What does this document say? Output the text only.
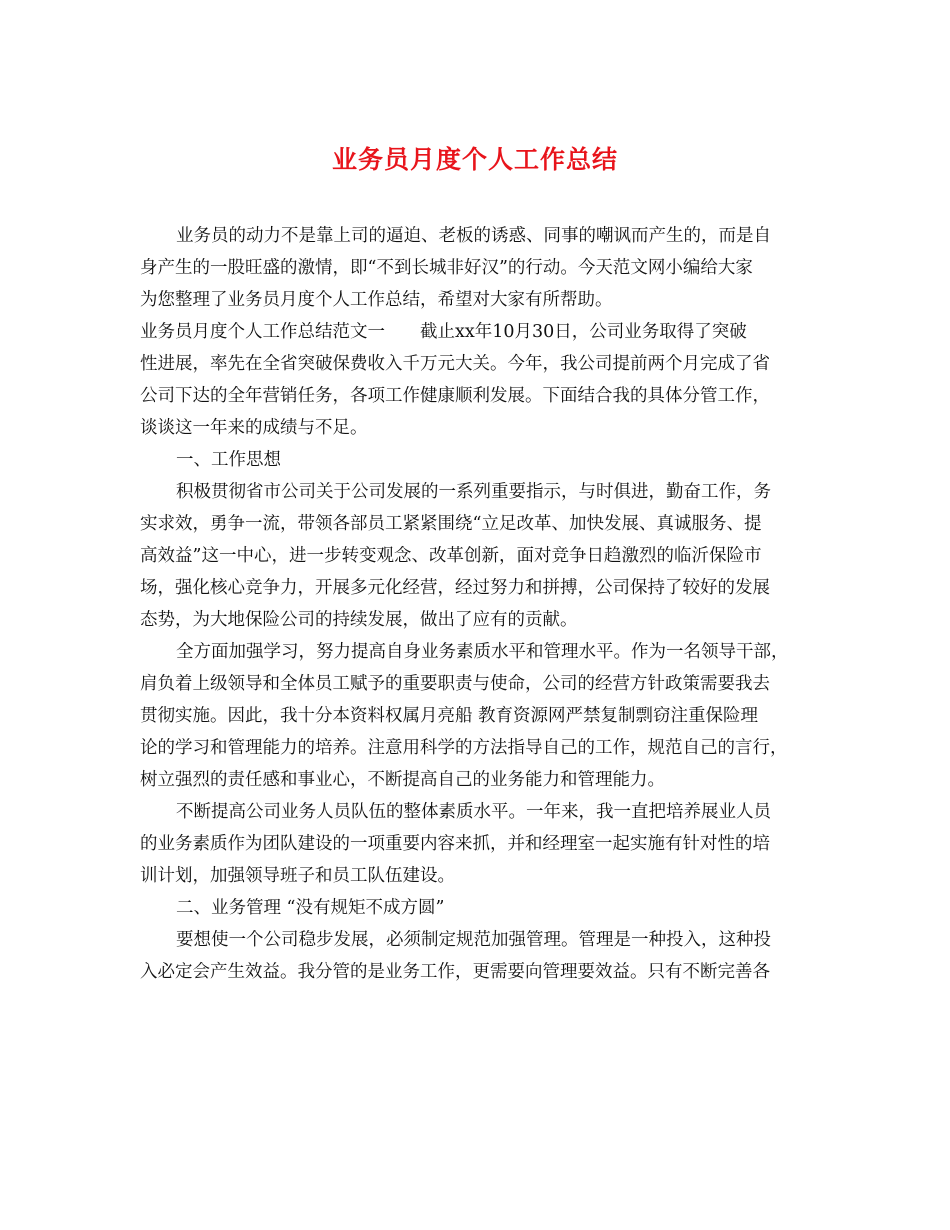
业务员月度个人工作总结
业务员的动力不是靠上司的逼迫、老板的诱惑、同事的嘲讽而产生的，而是自
身产生的一股旺盛的激情，即“不到长城非好汉”的行动。今天范文网小编给大家
为您整理了业务员月度个人工作总结，希望对大家有所帮助。
业务员月度个人工作总结范文一　　截止xx年10月30日，公司业务取得了突破
性进展，率先在全省突破保费收入千万元大关。今年，我公司提前两个月完成了省
公司下达的全年营销任务，各项工作健康顺利发展。下面结合我的具体分管工作，
谈谈这一年来的成绩与不足。
一、工作思想
积极贯彻省市公司关于公司发展的一系列重要指示，与时俱进，勤奋工作，务
实求效，勇争一流，带领各部员工紧紧围绕“立足改革、加快发展、真诚服务、提
高效益”这一中心，进一步转变观念、改革创新，面对竞争日趋激烈的临沂保险市
场，强化核心竞争力，开展多元化经营，经过努力和拼搏，公司保持了较好的发展
态势，为大地保险公司的持续发展，做出了应有的贡献。
全方面加强学习，努力提高自身业务素质水平和管理水平。作为一名领导干部，
肩负着上级领导和全体员工赋予的重要职责与使命，公司的经营方针政策需要我去
贯彻实施。因此，我十分本资料权属月亮船 教育资源网严禁复制剽窃注重保险理
论的学习和管理能力的培养。注意用科学的方法指导自己的工作，规范自己的言行，
树立强烈的责任感和事业心，不断提高自己的业务能力和管理能力。
不断提高公司业务人员队伍的整体素质水平。一年来，我一直把培养展业人员
的业务素质作为团队建设的一项重要内容来抓，并和经理室一起实施有针对性的培
训计划，加强领导班子和员工队伍建设。
二、业务管理 “没有规矩不成方圆”
要想使一个公司稳步发展，必须制定规范加强管理。管理是一种投入，这种投
入必定会产生效益。我分管的是业务工作，更需要向管理要效益。只有不断完善各
